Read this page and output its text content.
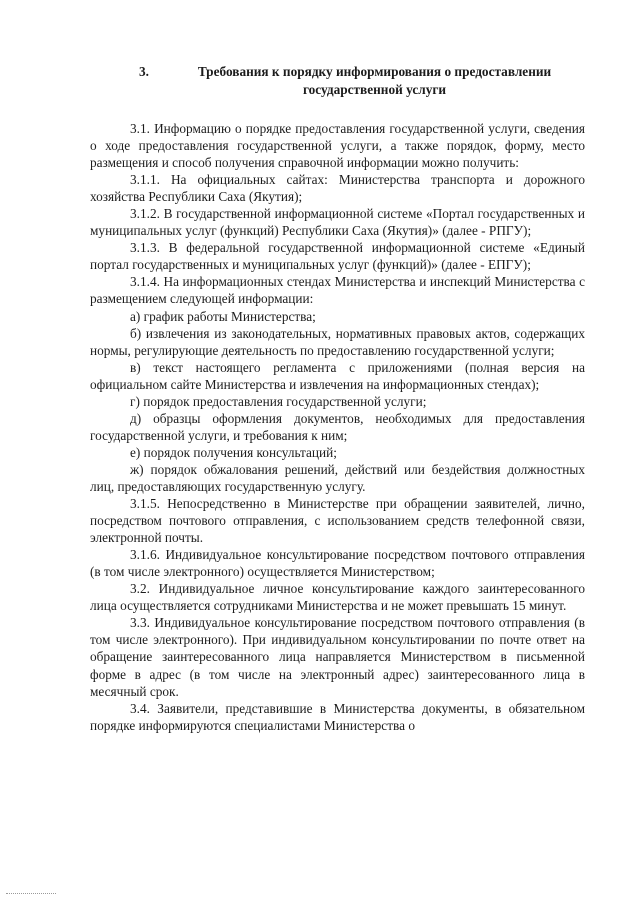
3.	Требования к порядку информирования о предоставлении
государственной услуги

3.1. Информацию о порядке предоставления государственной услуги, сведения о ходе предоставления государственной услуги, а также порядок, форму, место размещения и способ получения справочной информации можно получить:

3.1.1. На официальных сайтах: Министерства транспорта и дорожного хозяйства Республики Саха (Якутия);

3.1.2. В государственной информационной системе «Портал государственных и муниципальных услуг (функций) Республики Саха (Якутия)» (далее - РПГУ);

3.1.3. В федеральной государственной информационной системе «Единый портал государственных и муниципальных услуг (функций)» (далее - ЕПГУ);

3.1.4. На информационных стендах Министерства и инспекций Министерства с размещением следующей информации:

а) график работы Министерства;

б) извлечения из законодательных, нормативных правовых актов, содержащих нормы, регулирующие деятельность по предоставлению государственной услуги;

в) текст настоящего регламента с приложениями (полная версия на официальном сайте Министерства и извлечения на информационных стендах);

г) порядок предоставления государственной услуги;

д) образцы оформления документов, необходимых для предоставления государственной услуги, и требования к ним;

е) порядок получения консультаций;

ж) порядок обжалования решений, действий или бездействия должностных лиц, предоставляющих государственную услугу.

3.1.5. Непосредственно в Министерстве при обращении заявителей, лично, посредством почтового отправления, с использованием средств телефонной связи, электронной почты.

3.1.6. Индивидуальное консультирование посредством почтового отправления (в том числе электронного) осуществляется Министерством;

3.2. Индивидуальное личное консультирование каждого заинтересованного лица осуществляется сотрудниками Министерства и не может превышать 15 минут.

3.3. Индивидуальное консультирование посредством почтового отправления (в том числе электронного). При индивидуальном консультировании по почте ответ на обращение заинтересованного лица направляется Министерством в письменной форме в адрес (в том числе на электронный адрес) заинтересованного лица в месячный срок.

3.4. Заявители, представившие в Министерства документы, в обязательном порядке информируются специалистами Министерства о
